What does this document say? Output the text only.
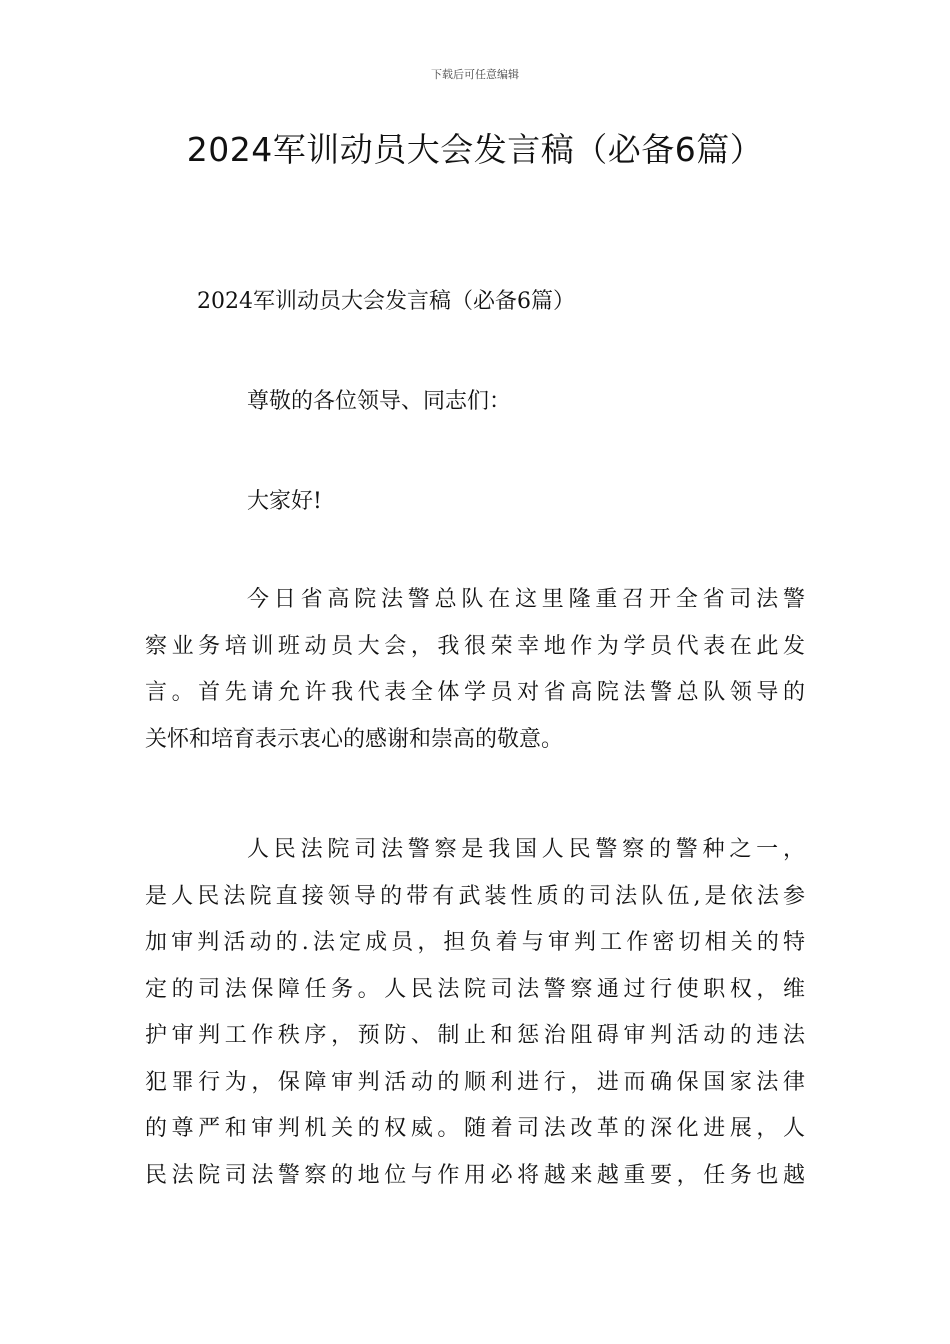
下载后可任意编辑
2024军训动员大会发言稿（必备6篇）
2024军训动员大会发言稿（必备6篇）
尊敬的各位领导、同志们：
大家好!
今日省高院法警总队在这里隆重召开全省司法警
察业务培训班动员大会，我很荣幸地作为学员代表在此发
言。首先请允许我代表全体学员对省高院法警总队领导的
关怀和培育表示衷心的感谢和崇高的敬意。
人民法院司法警察是我国人民警察的警种之一，
是人民法院直接领导的带有武装性质的司法队伍,是依法参
加审判活动的.法定成员，担负着与审判工作密切相关的特
定的司法保障任务。人民法院司法警察通过行使职权，维
护审判工作秩序，预防、制止和惩治阻碍审判活动的违法
犯罪行为，保障审判活动的顺利进行，进而确保国家法律
的尊严和审判机关的权威。随着司法改革的深化进展，人
民法院司法警察的地位与作用必将越来越重要，任务也越
